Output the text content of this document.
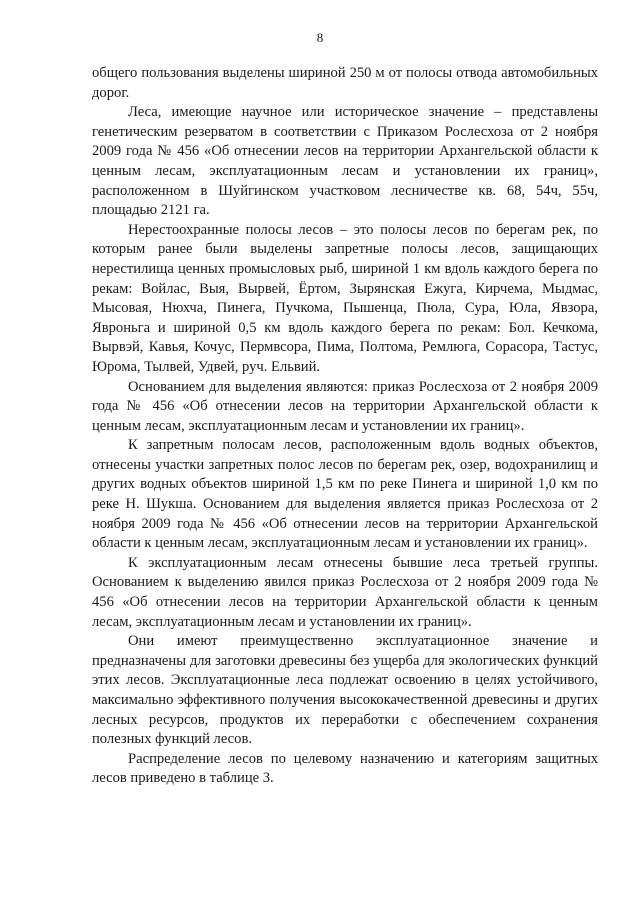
8

общего пользования выделены шириной 250 м от полосы отвода автомобильных дорог.

Леса, имеющие научное или историческое значение – представлены генетическим резерватом в соответствии с Приказом Рослесхоза от 2 ноября 2009 года № 456 «Об отнесении лесов на территории Архангельской области к ценным лесам, эксплуатационным лесам и установлении их границ», расположенном в Шуйгинском участковом лесничестве кв. 68, 54ч, 55ч, площадью 2121 га.

Нерестоохранные полосы лесов – это полосы лесов по берегам рек, по которым ранее были выделены запретные полосы лесов, защищающих нерестилища ценных промысловых рыб, шириной 1 км вдоль каждого берега по рекам: Войлас, Выя, Вырвей, Ёртом, Зырянская Ежуга, Кирчема, Мыдмас, Мысовая, Нюхча, Пинега, Пучкома, Пышенца, Пюла, Сура, Юла, Явзора, Яврoньга и шириной 0,5 км вдоль каждого берега по рекам: Бол. Кечкома, Вырвэй, Кавья, Кочус, Пермвсора, Пима, Полтома, Ремлюга, Сорасора, Тастус, Юрома, Тылвей, Удвей, руч. Ельвий.

Основанием для выделения являются: приказ Рослесхоза от 2 ноября 2009 года № 456 «Об отнесении лесов на территории Архангельской области к ценным лесам, эксплуатационным лесам и установлении их границ».

К запретным полосам лесов, расположенным вдоль водных объектов, отнесены участки запретных полос лесов по берегам рек, озер, водохранилищ и других водных объектов шириной 1,5 км по реке Пинега и шириной 1,0 км по реке Н. Шукша. Основанием для выделения является приказ Рослесхоза от 2 ноября 2009 года № 456 «Об отнесении лесов на территории Архангельской области к ценным лесам, эксплуатационным лесам и установлении их границ».

К эксплуатационным лесам отнесены бывшие леса третьей группы. Основанием к выделению явился приказ Рослесхоза от 2 ноября 2009 года № 456 «Об отнесении лесов на территории Архангельской области к ценным лесам, эксплуатационным лесам и установлении их границ».

Они имеют преимущественно эксплуатационное значение и предназначены для заготовки древесины без ущерба для экологических функций этих лесов. Эксплуатационные леса подлежат освоению в целях устойчивого, максимально эффективного получения высококачественной древесины и других лесных ресурсов, продуктов их переработки с обеспечением сохранения полезных функций лесов.

Распределение лесов по целевому назначению и категориям защитных лесов приведено в таблице 3.
